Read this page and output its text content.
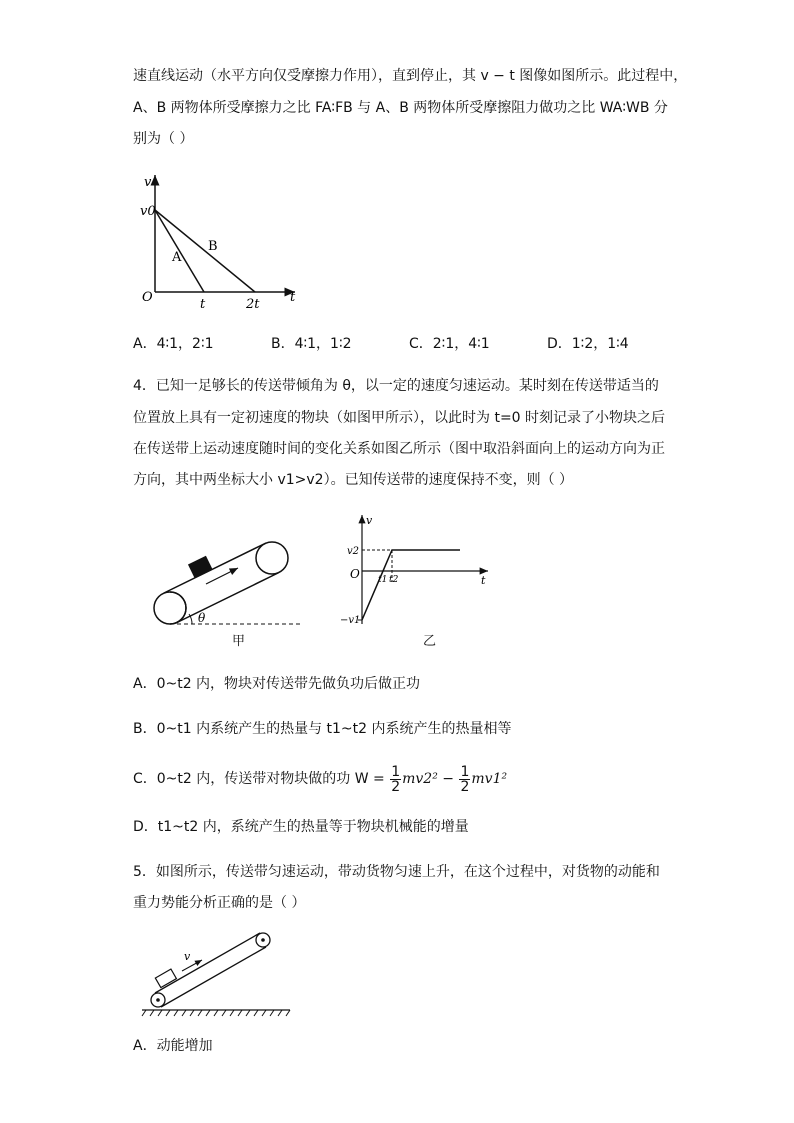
速直线运动（水平方向仅受摩擦力作用），直到停止，其 v − t 图像如图所示。此过程中，
A、B 两物体所受摩擦力之比 FA∶FB 与 A、B 两物体所受摩擦阻力做功之比 WA∶WB 分
别为（ ）
v
v0
O	t
t	2t
A
B
A．4∶1，2∶1	B．4∶1，1∶2	C．2∶1，4∶1	D．1∶2，1∶4
4．已知一足够长的传送带倾角为 θ，以一定的速度匀速运动。某时刻在传送带适当的
位置放上具有一定初速度的物块（如图甲所示），以此时为 t=0 时刻记录了小物块之后
在传送带上运动速度随时间的变化关系如图乙所示（图中取沿斜面向上的运动方向为正
方向，其中两坐标大小 v1>v2）。已知传送带的速度保持不变，则（ ）
θ
甲
v
v2
O	t
t1 t2
−v1
乙
A．0~t2 内，物块对传送带先做负功后做正功
B．0~t1 内系统产生的热量与 t1~t2 内系统产生的热量相等
C．0~t2 内，传送带对物块做的功 $W = \frac{1}{2} mv2^2 - \frac{1}{2} mv1^2$
D．t1~t2 内，系统产生的热量等于物块机械能的增量
5．如图所示，传送带匀速运动，带动货物匀速上升，在这个过程中，对货物的动能和
重力势能分析正确的是（ ）
v
A．动能增加
